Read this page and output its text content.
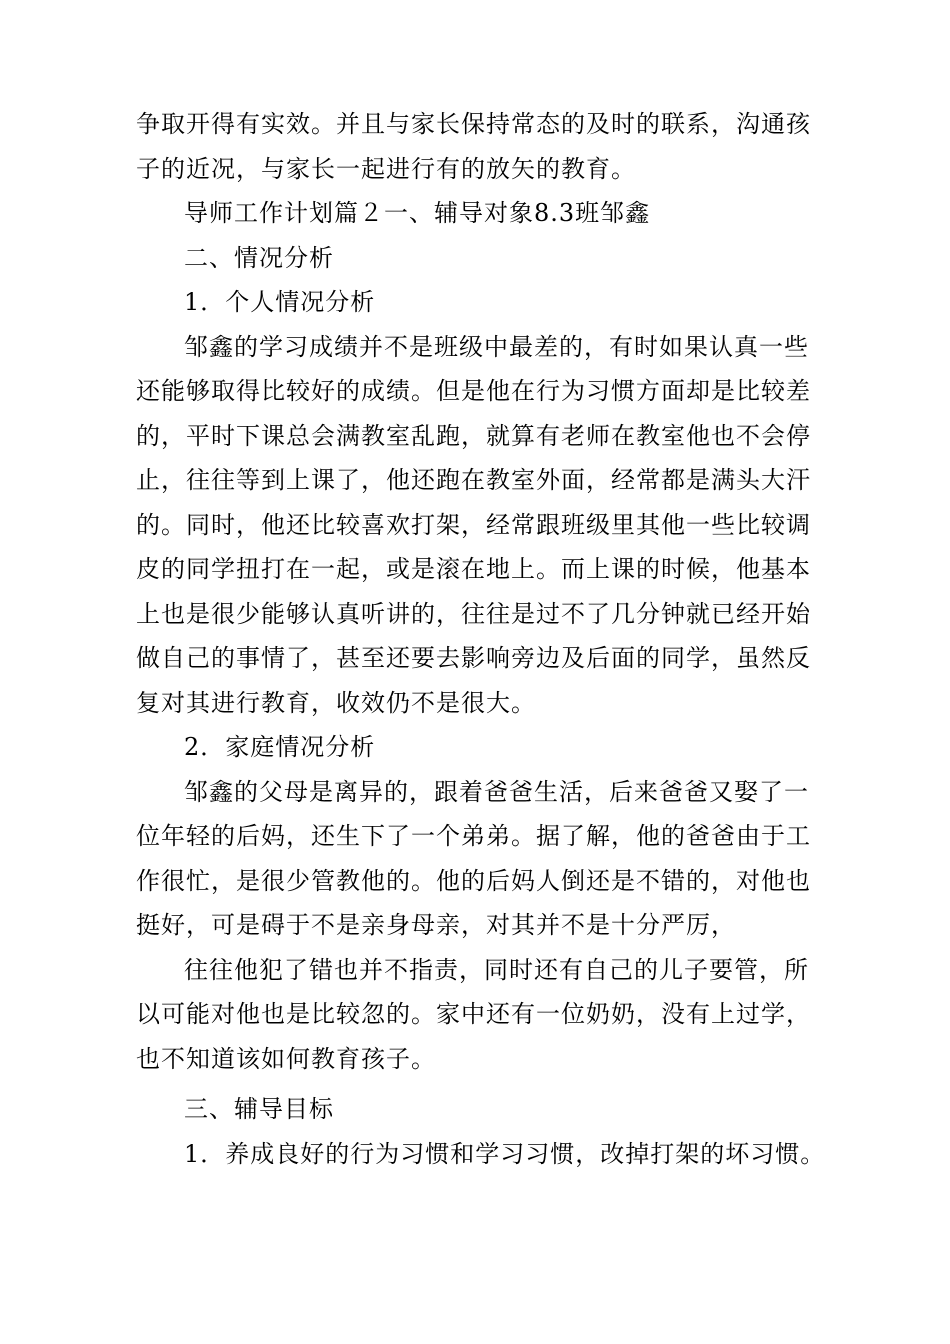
争取开得有实效。并且与家长保持常态的及时的联系，沟通孩
子的近况，与家长一起进行有的放矢的教育。
导师工作计划篇２一、辅导对象8.3班邹鑫
二、情况分析
1．个人情况分析
邹鑫的学习成绩并不是班级中最差的，有时如果认真一些
还能够取得比较好的成绩。但是他在行为习惯方面却是比较差
的，平时下课总会满教室乱跑，就算有老师在教室他也不会停
止，往往等到上课了，他还跑在教室外面，经常都是满头大汗
的。同时，他还比较喜欢打架，经常跟班级里其他一些比较调
皮的同学扭打在一起，或是滚在地上。而上课的时候，他基本
上也是很少能够认真听讲的，往往是过不了几分钟就已经开始
做自己的事情了，甚至还要去影响旁边及后面的同学，虽然反
复对其进行教育，收效仍不是很大。
2．家庭情况分析
邹鑫的父母是离异的，跟着爸爸生活，后来爸爸又娶了一
位年轻的后妈，还生下了一个弟弟。据了解，他的爸爸由于工
作很忙，是很少管教他的。他的后妈人倒还是不错的，对他也
挺好，可是碍于不是亲身母亲，对其并不是十分严厉，
往往他犯了错也并不指责，同时还有自己的儿子要管，所
以可能对他也是比较忽的。家中还有一位奶奶，没有上过学，
也不知道该如何教育孩子。
三、辅导目标
1．养成良好的行为习惯和学习习惯，改掉打架的坏习惯。
